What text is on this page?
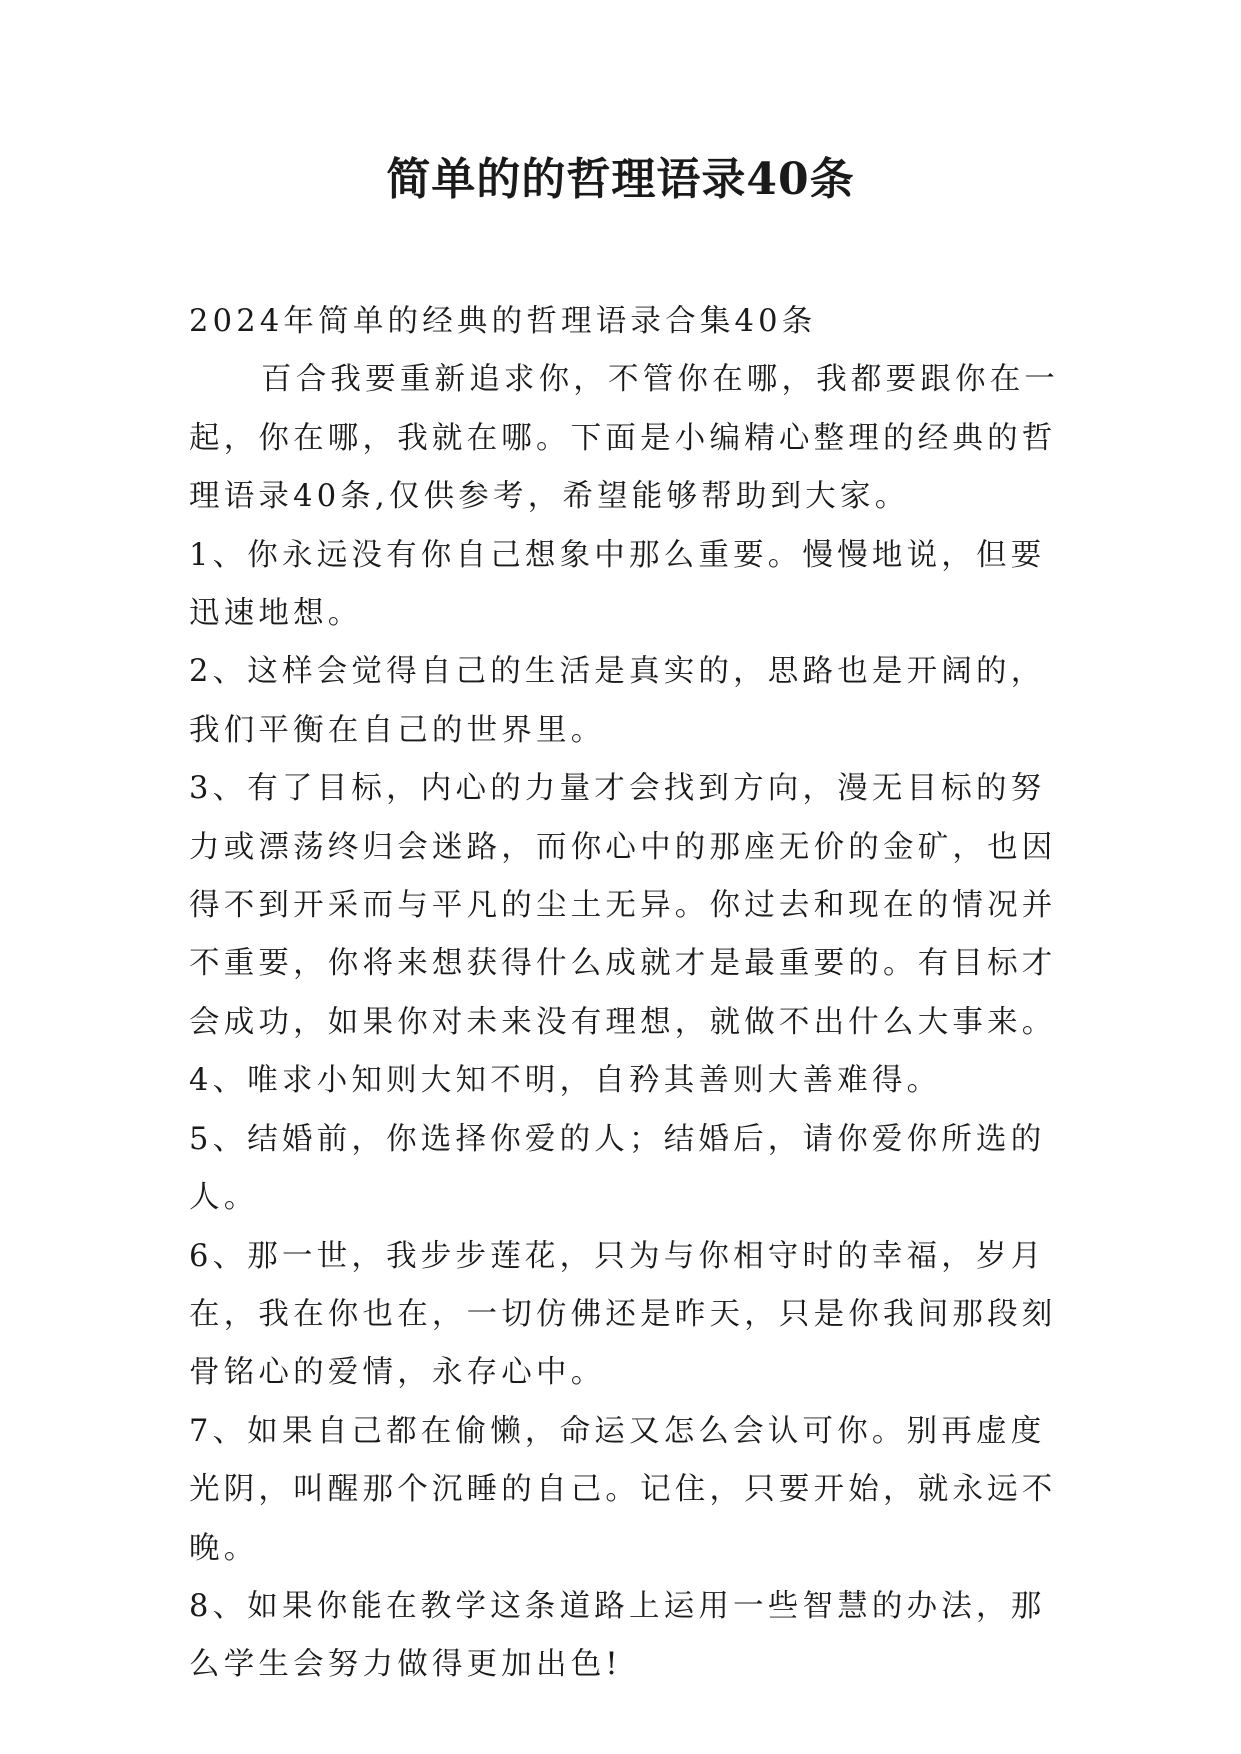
简单的的哲理语录40条

2024年简单的经典的哲理语录合集40条

百合我要重新追求你，不管你在哪，我都要跟你在一起，你在哪，我就在哪。下面是小编精心整理的经典的哲理语录40条,仅供参考，希望能够帮助到大家。

1、你永远没有你自己想象中那么重要。慢慢地说，但要迅速地想。

2、这样会觉得自己的生活是真实的，思路也是开阔的，我们平衡在自己的世界里。

3、有了目标，内心的力量才会找到方向，漫无目标的努力或漂荡终归会迷路，而你心中的那座无价的金矿，也因得不到开采而与平凡的尘土无异。你过去和现在的情况并不重要，你将来想获得什么成就才是最重要的。有目标才会成功，如果你对未来没有理想，就做不出什么大事来。

4、唯求小知则大知不明，自矜其善则大善难得。

5、结婚前，你选择你爱的人；结婚后，请你爱你所选的人。

6、那一世，我步步莲花，只为与你相守时的幸福，岁月在，我在你也在，一切仿佛还是昨天，只是你我间那段刻骨铭心的爱情，永存心中。

7、如果自己都在偷懒，命运又怎么会认可你。别再虚度光阴，叫醒那个沉睡的自己。记住，只要开始，就永远不晚。

8、如果你能在教学这条道路上运用一些智慧的办法，那么学生会努力做得更加出色!
